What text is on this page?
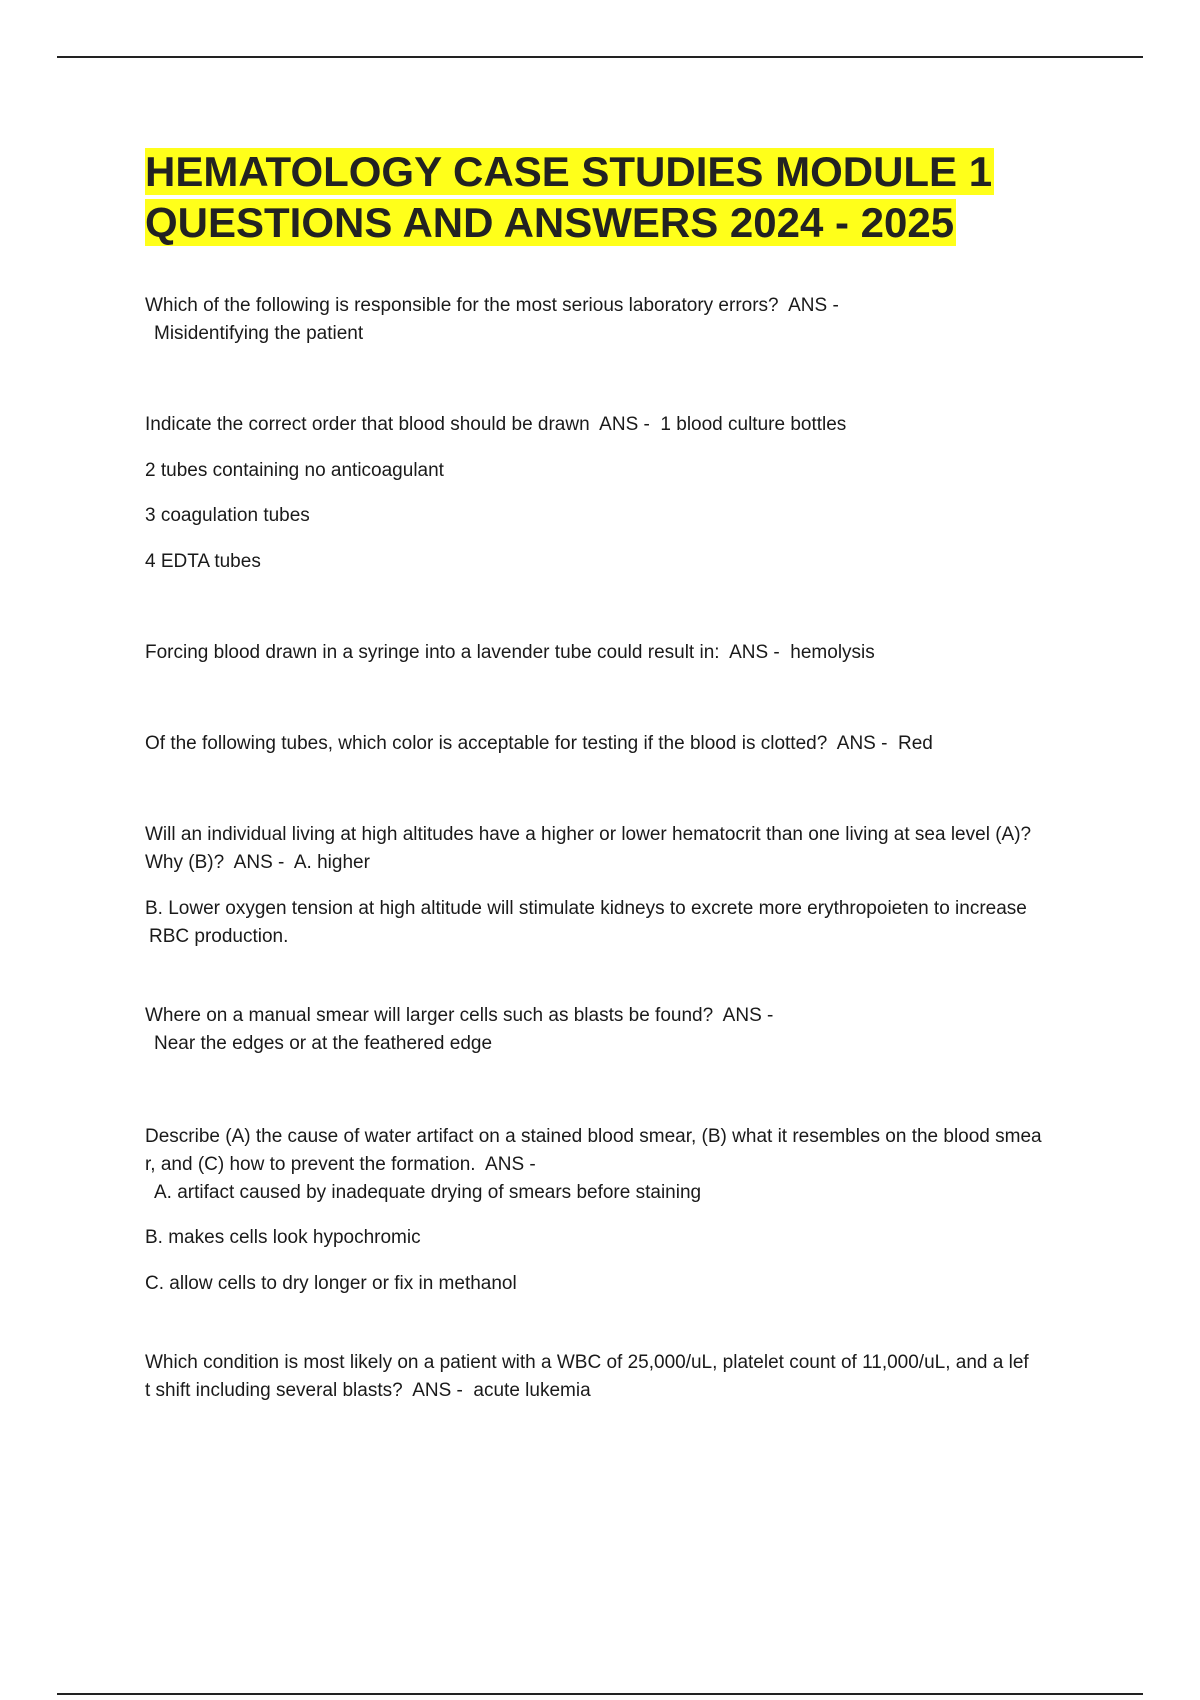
HEMATOLOGY CASE STUDIES MODULE 1
QUESTIONS AND ANSWERS 2024 - 2025

Which of the following is responsible for the most serious laboratory errors?  ANS -

Misidentifying the patient

Indicate the correct order that blood should be drawn  ANS -  1 blood culture bottles

2 tubes containing no anticoagulant

3 coagulation tubes

4 EDTA tubes

Forcing blood drawn in a syringe into a lavender tube could result in:  ANS -  hemolysis

Of the following tubes, which color is acceptable for testing if the blood is clotted?  ANS -  Red

Will an individual living at high altitudes have a higher or lower hematocrit than one living at sea level (A)?

Why (B)?  ANS -  A. higher

B. Lower oxygen tension at high altitude will stimulate kidneys to excrete more erythropoieten to increase

RBC production.

Where on a manual smear will larger cells such as blasts be found?  ANS -

Near the edges or at the feathered edge

Describe (A) the cause of water artifact on a stained blood smear, (B) what it resembles on the blood smea

r, and (C) how to prevent the formation.  ANS -

A. artifact caused by inadequate drying of smears before staining

B. makes cells look hypochromic

C. allow cells to dry longer or fix in methanol

Which condition is most likely on a patient with a WBC of 25,000/uL, platelet count of 11,000/uL, and a lef

t shift including several blasts?  ANS -  acute lukemia
